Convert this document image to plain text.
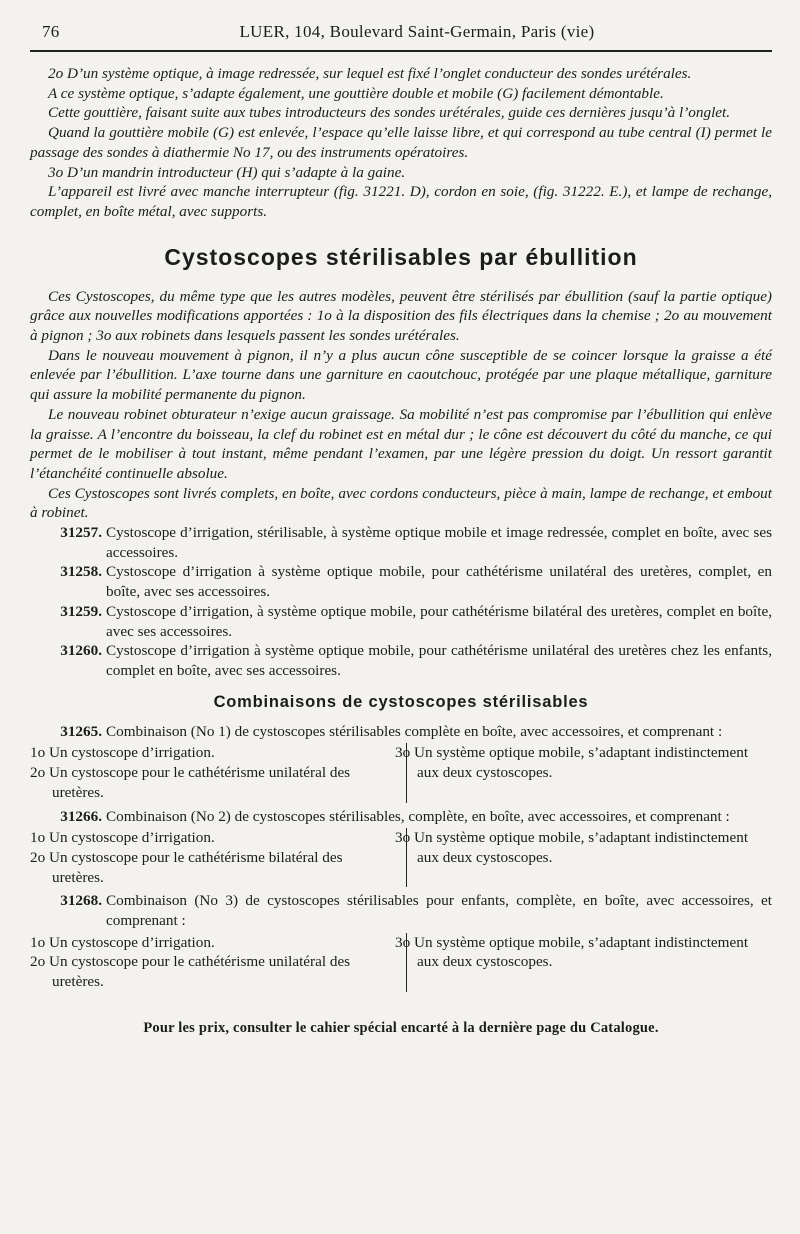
76	LUER, 104, Boulevard Saint-Germain, Paris (vie)

2o D’un système optique, à image redressée, sur lequel est fixé l’onglet conducteur des sondes urétérales.

A ce système optique, s’adapte également, une gouttière double et mobile (G) facilement démontable.

Cette gouttière, faisant suite aux tubes introducteurs des sondes urétérales, guide ces dernières jusqu’à l’onglet.

Quand la gouttière mobile (G) est enlevée, l’espace qu’elle laisse libre, et qui correspond au tube central (I) permet le passage des sondes à diathermie No 17, ou des instruments opératoires.

3o D’un mandrin introducteur (H) qui s’adapte à la gaine.

L’appareil est livré avec manche interrupteur (fig. 31221. D), cordon en soie, (fig. 31222. E.), et lampe de rechange, complet, en boîte métal, avec supports.

Cystoscopes stérilisables par ébullition

Ces Cystoscopes, du même type que les autres modèles, peuvent être stérilisés par ébullition (sauf la partie optique) grâce aux nouvelles modifications apportées : 1o à la disposition des fils électriques dans la chemise ; 2o au mouvement à pignon ; 3o aux robinets dans lesquels passent les sondes urétérales.

Dans le nouveau mouvement à pignon, il n’y a plus aucun cône susceptible de se coincer lorsque la graisse a été enlevée par l’ébullition. L’axe tourne dans une garniture en caoutchouc, protégée par une plaque métallique, garniture qui assure la mobilité permanente du pignon.

Le nouveau robinet obturateur n’exige aucun graissage. Sa mobilité n’est pas compromise par l’ébullition qui enlève la graisse. A l’encontre du boisseau, la clef du robinet est en métal dur ; le cône est découvert du côté du manche, ce qui permet de le mobiliser à tout instant, même pendant l’examen, par une légère pression du doigt. Un ressort garantit l’étanchéité continuelle absolue.

Ces Cystoscopes sont livrés complets, en boîte, avec cordons conducteurs, pièce à main, lampe de rechange, et embout à robinet.

31257. Cystoscope d’irrigation, stérilisable, à système optique mobile et image redressée, complet en boîte, avec ses accessoires.
31258. Cystoscope d’irrigation à système optique mobile, pour cathétérisme unilatéral des uretères, complet, en boîte, avec ses accessoires.
31259. Cystoscope d’irrigation, à système optique mobile, pour cathétérisme bilatéral des uretères, complet en boîte, avec ses accessoires.
31260. Cystoscope d’irrigation à système optique mobile, pour cathétérisme unilatéral des uretères chez les enfants, complet en boîte, avec ses accessoires.
Combinaisons de cystoscopes stérilisables
31265. Combinaison (No 1) de cystoscopes stérilisables complète en boîte, avec accessoires, et comprenant :
1o Un cystoscope d’irrigation.
2o Un cystoscope pour le cathétérisme unilatéral des uretères.
3o Un système optique mobile, s’adaptant indistinctement aux deux cystoscopes.
31266. Combinaison (No 2) de cystoscopes stérilisables, complète, en boîte, avec accessoires, et comprenant :
1o Un cystoscope d’irrigation.
2o Un cystoscope pour le cathétérisme bilatéral des uretères.
3o Un système optique mobile, s’adaptant indistinctement aux deux cystoscopes.
31268. Combinaison (No 3) de cystoscopes stérilisables pour enfants, complète, en boîte, avec accessoires, et comprenant :
1o Un cystoscope d’irrigation.
2o Un cystoscope pour le cathétérisme unilatéral des uretères.
3o Un système optique mobile, s’adaptant indistinctement aux deux cystoscopes.
Pour les prix, consulter le cahier spécial encarté à la dernière page du Catalogue.
